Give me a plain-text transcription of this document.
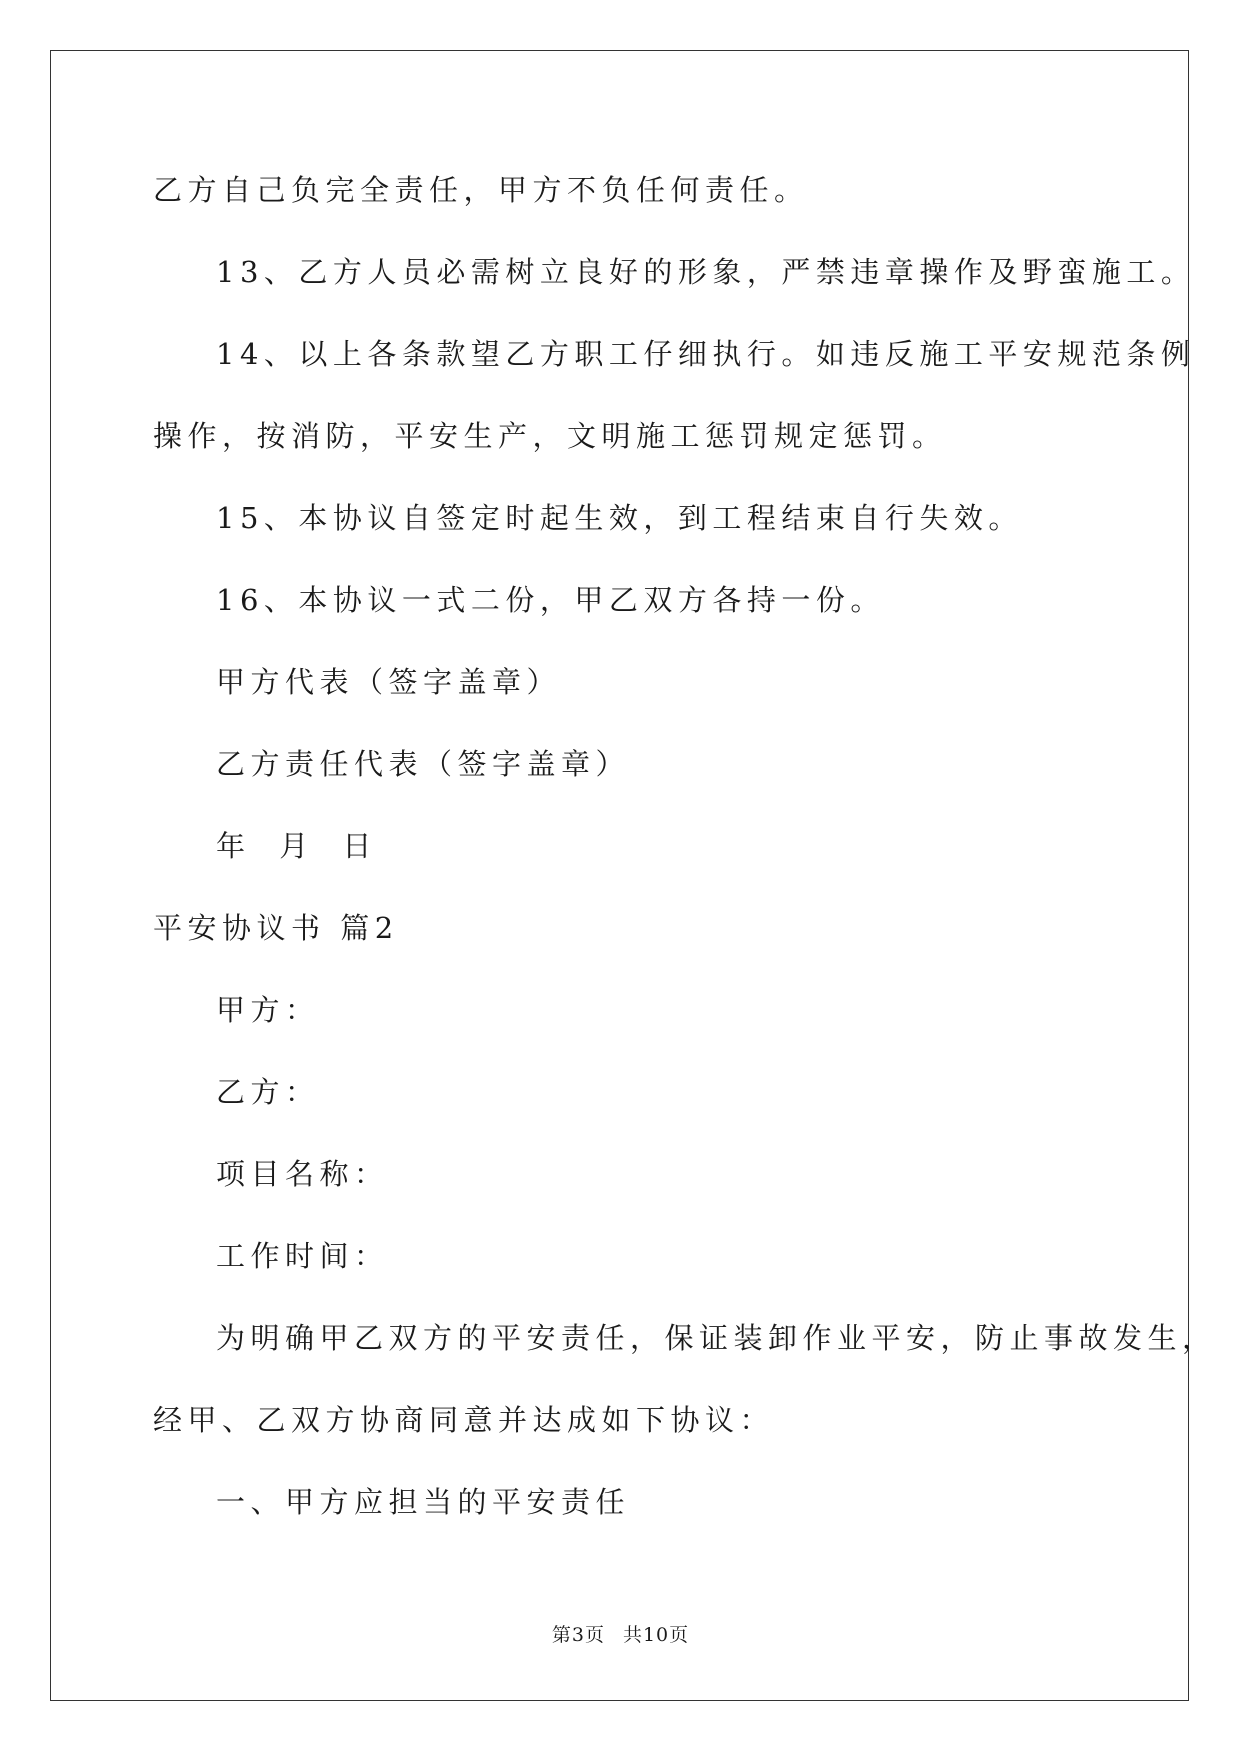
乙方自己负完全责任，甲方不负任何责任。
13、乙方人员必需树立良好的形象，严禁违章操作及野蛮施工。
14、以上各条款望乙方职工仔细执行。如违反施工平安规范条例
操作，按消防，平安生产，文明施工惩罚规定惩罚。
15、本协议自签定时起生效，到工程结束自行失效。
16、本协议一式二份，甲乙双方各持一份。
甲方代表（签字盖章）
乙方责任代表（签字盖章）
年 月 日
平安协议书 篇2
甲方：
乙方：
项目名称：
工作时间：
为明确甲乙双方的平安责任，保证装卸作业平安，防止事故发生，
经甲、乙双方协商同意并达成如下协议：
一、甲方应担当的平安责任
第3页 共10页
